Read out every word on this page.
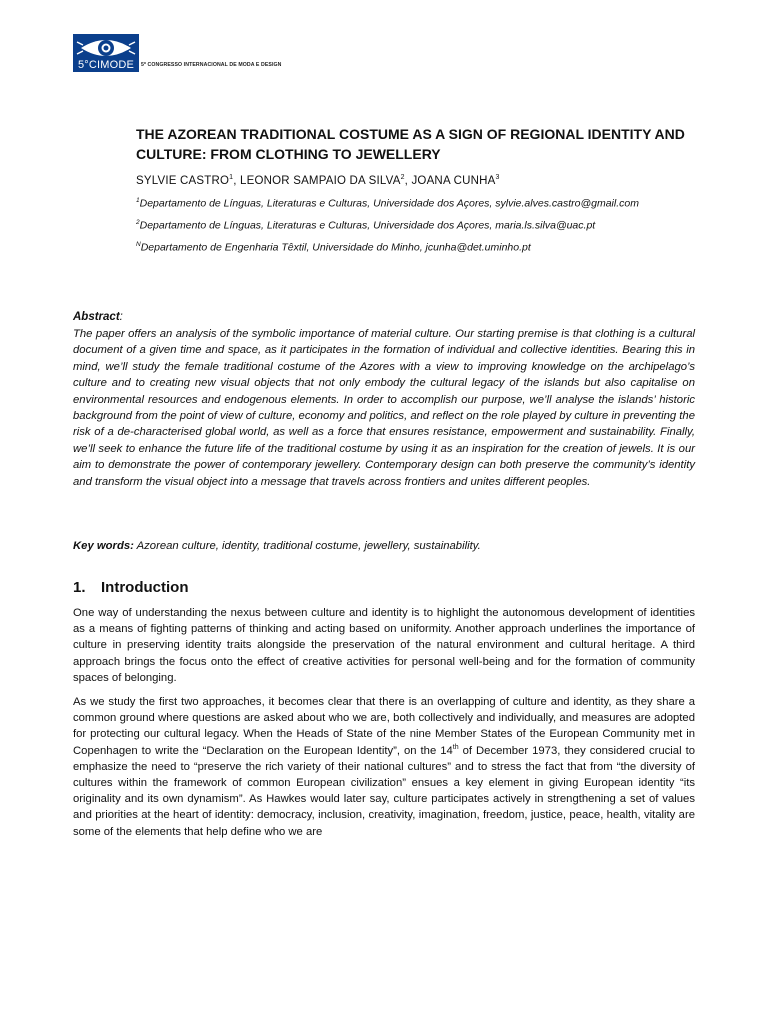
5°CIMODE	5º CONGRESSO INTERNACIONAL DE MODA E DESIGN
THE AZOREAN TRADITIONAL COSTUME AS A SIGN OF REGIONAL IDENTITY AND CULTURE: FROM CLOTHING TO JEWELLERY
SYLVIE CASTRO$^1$, LEONOR SAMPAIO DA SILVA$^2$, JOANA CUNHA$^3$
$^1$Departamento de Línguas, Literaturas e Culturas, Universidade dos Açores, sylvie.alves.castro@gmail.com
$^2$Departamento de Línguas, Literaturas e Culturas, Universidade dos Açores, maria.ls.silva@uac.pt
$^N$Departamento de Engenharia Têxtil, Universidade do Minho, jcunha@det.uminho.pt
Abstract:

The paper offers an analysis of the symbolic importance of material culture. Our starting premise is that clothing is a cultural document of a given time and space, as it participates in the formation of individual and collective identities. Bearing this in mind, we’ll study the female traditional costume of the Azores with a view to improving knowledge on the archipelago’s culture and to creating new visual objects that not only embody the cultural legacy of the islands but also capitalise on environmental resources and endogenous elements. In order to accomplish our purpose, we’ll analyse the islands’ historic background from the point of view of culture, economy and politics, and reflect on the role played by culture in preventing the risk of a de-characterised global world, as well as a force that ensures resistance, empowerment and sustainability. Finally, we’ll seek to enhance the future life of the traditional costume by using it as an inspiration for the creation of jewels. It is our aim to demonstrate the power of contemporary jewellery. Contemporary design can both preserve the community’s identity and transform the visual object into a message that travels across frontiers and unites different peoples.

Key words: Azorean culture, identity, traditional costume, jewellery, sustainability.
1. Introduction

One way of understanding the nexus between culture and identity is to highlight the autonomous development of identities as a means of fighting patterns of thinking and acting based on uniformity. Another approach underlines the importance of culture in preserving identity traits alongside the preservation of the natural environment and cultural heritage. A third approach brings the focus onto the effect of creative activities for personal well-being and for the formation of community spaces of belonging.

As we study the first two approaches, it becomes clear that there is an overlapping of culture and identity, as they share a common ground where questions are asked about who we are, both collectively and individually, and measures are adopted for protecting our cultural legacy. When the Heads of State of the nine Member States of the European Community met in Copenhagen to write the “Declaration on the European Identity”, on the 14th of December 1973, they considered crucial to emphasize the need to “preserve the rich variety of their national cultures” and to stress the fact that from “the diversity of cultures within the framework of common European civilization” ensues a key element in giving European identity “its originality and its own dynamism”. As Hawkes would later say, culture participates actively in strengthening a set of values and priorities at the heart of identity: democracy, inclusion, creativity, imagination, freedom, justice, peace, health, vitality are some of the elements that help define who we are
